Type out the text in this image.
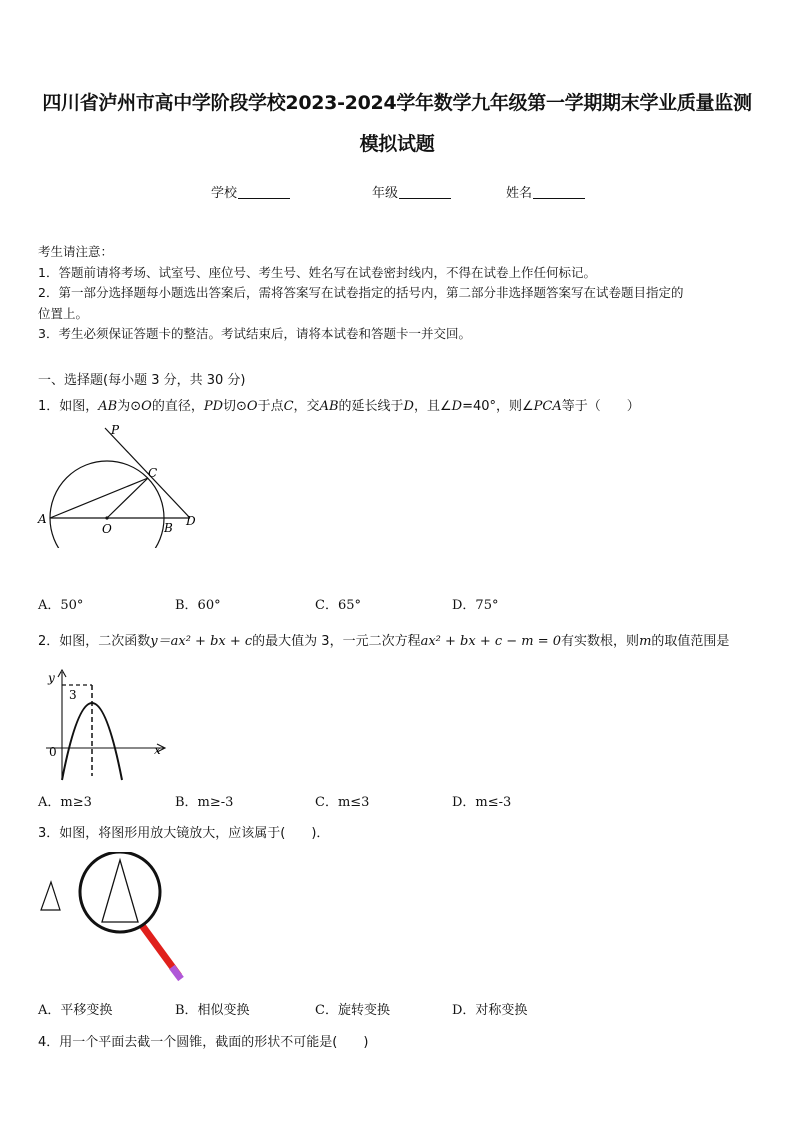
四川省泸州市高中学阶段学校2023-2024学年数学九年级第一学期期末学业质量监测
模拟试题
学校	年级	姓名
考生请注意：
1．答题前请将考场、试室号、座位号、考生号、姓名写在试卷密封线内，不得在试卷上作任何标记。
2．第一部分选择题每小题选出答案后，需将答案写在试卷指定的括号内，第二部分非选择题答案写在试卷题目指定的
位置上。
3．考生必须保证答题卡的整洁。考试结束后，请将本试卷和答题卡一并交回。
一、选择题(每小题 3 分，共 30 分)
1．如图，AB为⊙O的直径，PD切⊙O于点C，交AB的延长线于D，且∠D=40°，则∠PCA等于（　　）
P
C
A
O	B D
A．50°	B．60°	C．65°	D．75°
2．如图，二次函数y＝ax² + bx + c的最大值为 3，一元二次方程ax² + bx + c − m = 0有实数根，则m的取值范围是
y
x
3
0
A．m≥3	B．m≥-3	C．m≤3	D．m≤-3
3．如图，将图形用放大镜放大，应该属于(　　)．
A．平移变换	B．相似变换	C．旋转变换	D．对称变换
4．用一个平面去截一个圆锥，截面的形状不可能是(　　)
